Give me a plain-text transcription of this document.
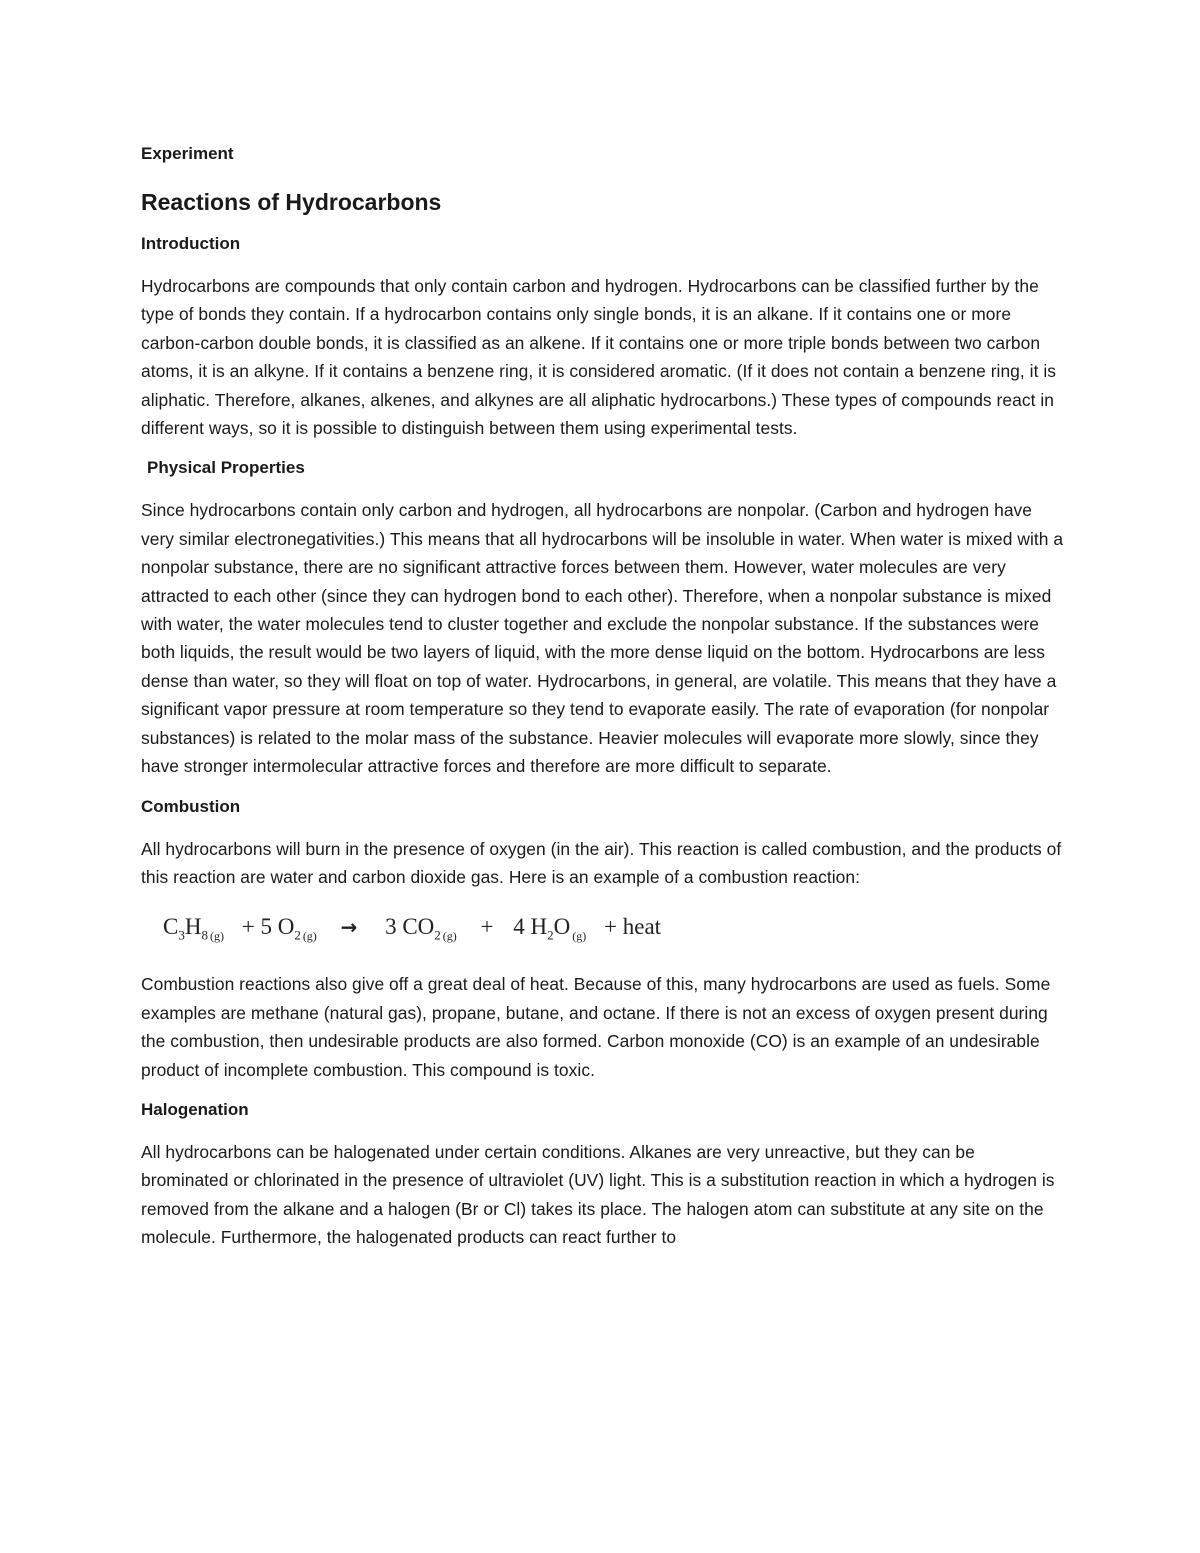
Experiment

Reactions of Hydrocarbons
Introduction

Hydrocarbons are compounds that only contain carbon and hydrogen. Hydrocarbons can be classified further by the type of bonds they contain. If a hydrocarbon contains only single bonds, it is an alkane. If it contains one or more carbon-carbon double bonds, it is classified as an alkene. If it contains one or more triple bonds between two carbon atoms, it is an alkyne. If it contains a benzene ring, it is considered aromatic. (If it does not contain a benzene ring, it is aliphatic. Therefore, alkanes, alkenes, and alkynes are all aliphatic hydrocarbons.) These types of compounds react in different ways, so it is possible to distinguish between them using experimental tests.

Physical Properties

Since hydrocarbons contain only carbon and hydrogen, all hydrocarbons are nonpolar. (Carbon and hydrogen have very similar electronegativities.) This means that all hydrocarbons will be insoluble in water. When water is mixed with a nonpolar substance, there are no significant attractive forces between them. However, water molecules are very attracted to each other (since they can hydrogen bond to each other). Therefore, when a nonpolar substance is mixed with water, the water molecules tend to cluster together and exclude the nonpolar substance. If the substances were both liquids, the result would be two layers of liquid, with the more dense liquid on the bottom. Hydrocarbons are less dense than water, so they will float on top of water. Hydrocarbons, in general, are volatile. This means that they have a significant vapor pressure at room temperature so they tend to evaporate easily. The rate of evaporation (for nonpolar substances) is related to the molar mass of the substance. Heavier molecules will evaporate more slowly, since they have stronger intermolecular attractive forces and therefore are more difficult to separate.

Combustion

All hydrocarbons will burn in the presence of oxygen (in the air). This reaction is called combustion, and the products of this reaction are water and carbon dioxide gas. Here is an example of a combustion reaction:

$C_3H_8$ $_{(g)}$ + 5 $O_2$ $_{(g)}$ → 3 $CO_2$ $_{(g)}$ + 4 $H_2O$ $_{(g)}$ + heat

Combustion reactions also give off a great deal of heat. Because of this, many hydrocarbons are used as fuels. Some examples are methane (natural gas), propane, butane, and octane. If there is not an excess of oxygen present during the combustion, then undesirable products are also formed. Carbon monoxide (CO) is an example of an undesirable product of incomplete combustion. This compound is toxic.

Halogenation

All hydrocarbons can be halogenated under certain conditions. Alkanes are very unreactive, but they can be brominated or chlorinated in the presence of ultraviolet (UV) light. This is a substitution reaction in which a hydrogen is removed from the alkane and a halogen (Br or Cl) takes its place. The halogen atom can substitute at any site on the molecule. Furthermore, the halogenated products can react further to
